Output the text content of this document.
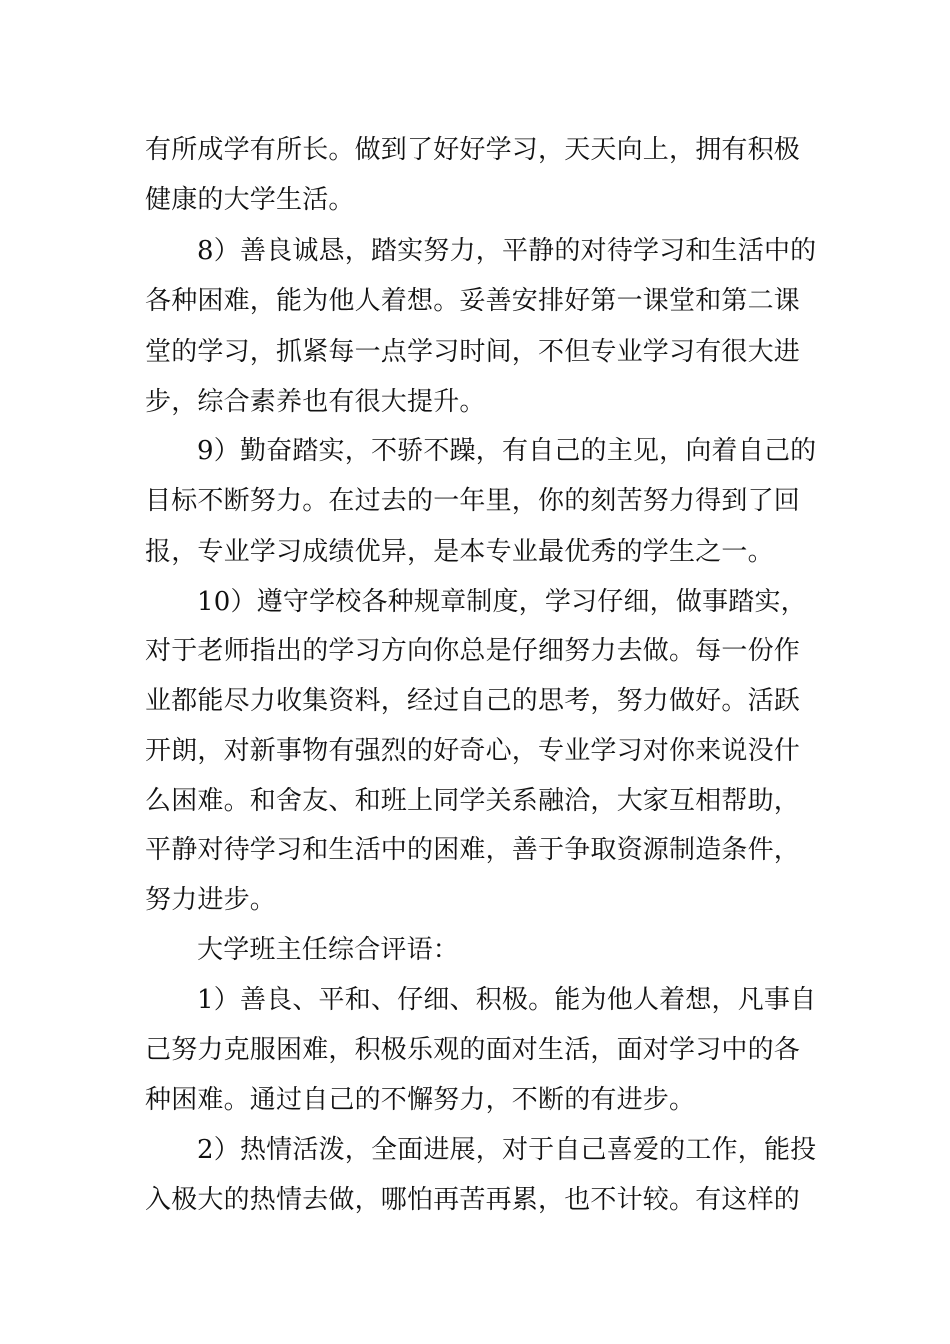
有所成学有所长。做到了好好学习，天天向上，拥有积极
健康的大学生活。
8）善良诚恳，踏实努力，平静的对待学习和生活中的
各种困难，能为他人着想。妥善安排好第一课堂和第二课
堂的学习，抓紧每一点学习时间，不但专业学习有很大进
步，综合素养也有很大提升。
9）勤奋踏实，不骄不躁，有自己的主见，向着自己的
目标不断努力。在过去的一年里，你的刻苦努力得到了回
报，专业学习成绩优异，是本专业最优秀的学生之一。
10）遵守学校各种规章制度，学习仔细，做事踏实，
对于老师指出的学习方向你总是仔细努力去做。每一份作
业都能尽力收集资料，经过自己的思考，努力做好。活跃
开朗，对新事物有强烈的好奇心，专业学习对你来说没什
么困难。和舍友、和班上同学关系融洽，大家互相帮助，
平静对待学习和生活中的困难，善于争取资源制造条件，
努力进步。
大学班主任综合评语：
1）善良、平和、仔细、积极。能为他人着想，凡事自
己努力克服困难，积极乐观的面对生活，面对学习中的各
种困难。通过自己的不懈努力，不断的有进步。
2）热情活泼，全面进展，对于自己喜爱的工作，能投
入极大的热情去做，哪怕再苦再累，也不计较。有这样的
